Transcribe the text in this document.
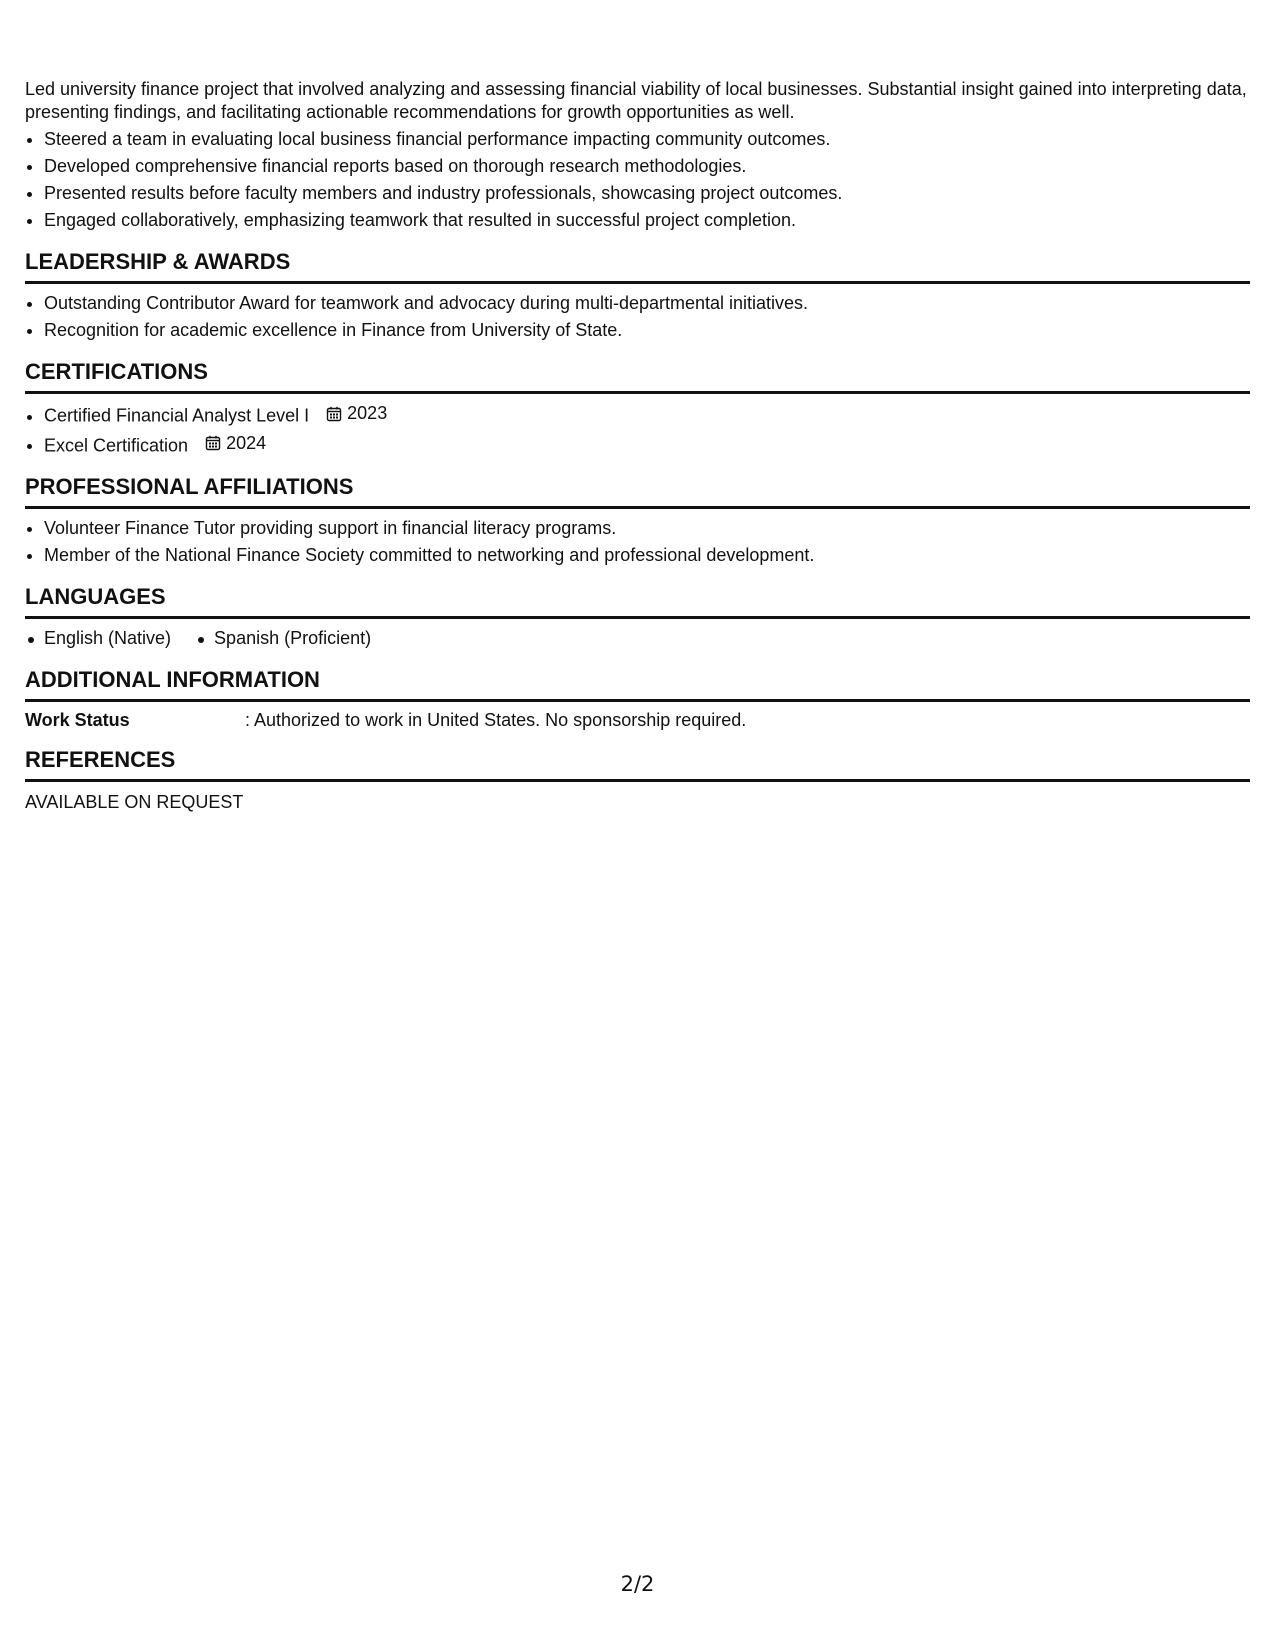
Led university finance project that involved analyzing and assessing financial viability of local businesses. Substantial insight gained into interpreting data, presenting findings, and facilitating actionable recommendations for growth opportunities as well.

• Steered a team in evaluating local business financial performance impacting community outcomes.
• Developed comprehensive financial reports based on thorough research methodologies.
• Presented results before faculty members and industry professionals, showcasing project outcomes.
• Engaged collaboratively, emphasizing teamwork that resulted in successful project completion.
LEADERSHIP & AWARDS
• Outstanding Contributor Award for teamwork and advocacy during multi-departmental initiatives.
• Recognition for academic excellence in Finance from University of State.
CERTIFICATIONS
• Certified Financial Analyst Level I 2023
• Excel Certification 2024
PROFESSIONAL AFFILIATIONS
• Volunteer Finance Tutor providing support in financial literacy programs.
• Member of the National Finance Society committed to networking and professional development.
LANGUAGES
English (Native)	Spanish (Proficient)
ADDITIONAL INFORMATION
Work Status	: Authorized to work in United States. No sponsorship required.
REFERENCES
AVAILABLE ON REQUEST
2/2
